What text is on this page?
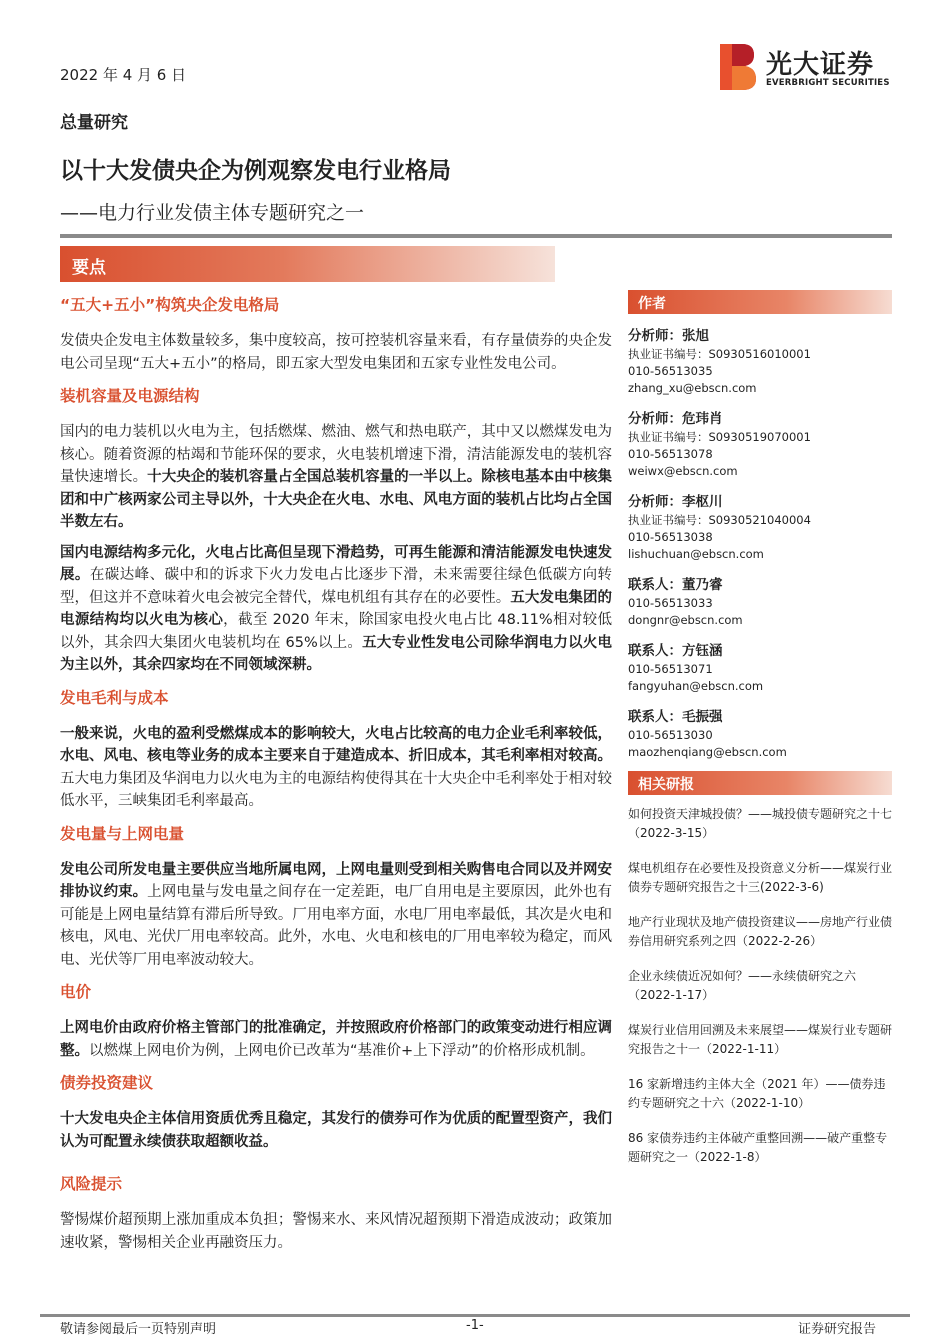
2022 年 4 月 6 日	光大证券
EVERBRIGHT SECURITIES
总量研究
以十大发债央企为例观察发电行业格局
——电力行业发债主体专题研究之一
要点
“五大+五小”构筑央企发电格局
发债央企发电主体数量较多，集中度较高，按可控装机容量来看，有存量债券的央企发电公司呈现“五大+五小”的格局，即五家大型发电集团和五家专业性发电公司。
装机容量及电源结构
国内的电力装机以火电为主，包括燃煤、燃油、燃气和热电联产，其中又以燃煤发电为核心。随着资源的枯竭和节能环保的要求，火电装机增速下滑，清洁能源发电的装机容量快速增长。十大央企的装机容量占全国总装机容量的一半以上。除核电基本由中核集团和中广核两家公司主导以外，十大央企在火电、水电、风电方面的装机占比均占全国半数左右。
国内电源结构多元化，火电占比高但呈现下滑趋势，可再生能源和清洁能源发电快速发展。在碳达峰、碳中和的诉求下火力发电占比逐步下滑，未来需要往绿色低碳方向转型，但这并不意味着火电会被完全替代，煤电机组有其存在的必要性。五大发电集团的电源结构均以火电为核心，截至 2020 年末，除国家电投火电占比 48.11%相对较低以外，其余四大集团火电装机均在 65%以上。五大专业性发电公司除华润电力以火电为主以外，其余四家均在不同领域深耕。
发电毛利与成本
一般来说，火电的盈利受燃煤成本的影响较大，火电占比较高的电力企业毛利率较低，水电、风电、核电等业务的成本主要来自于建造成本、折旧成本，其毛利率相对较高。五大电力集团及华润电力以火电为主的电源结构使得其在十大央企中毛利率处于相对较低水平，三峡集团毛利率最高。
发电量与上网电量
发电公司所发电量主要供应当地所属电网，上网电量则受到相关购售电合同以及并网安排协议约束。上网电量与发电量之间存在一定差距，电厂自用电是主要原因，此外也有可能是上网电量结算有滞后所导致。厂用电率方面，水电厂用电率最低，其次是火电和核电，风电、光伏厂用电率较高。此外，水电、火电和核电的厂用电率较为稳定，而风电、光伏等厂用电率波动较大。
电价
上网电价由政府价格主管部门的批准确定，并按照政府价格部门的政策变动进行相应调整。以燃煤上网电价为例，上网电价已改革为“基准价+上下浮动”的价格形成机制。
债券投资建议
十大发电央企主体信用资质优秀且稳定，其发行的债券可作为优质的配置型资产，我们认为可配置永续债获取超额收益。
风险提示
警惕煤价超预期上涨加重成本负担；警惕来水、来风情况超预期下滑造成波动；政策加速收紧，警惕相关企业再融资压力。
作者
分析师：张旭
执业证书编号：S0930516010001
010-56513035
zhang_xu@ebscn.com
分析师：危玮肖
执业证书编号：S0930519070001
010-56513078
weiwx@ebscn.com
分析师：李枢川
执业证书编号：S0930521040004
010-56513038
lishuchuan@ebscn.com
联系人：董乃睿
010-56513033
dongnr@ebscn.com
联系人：方钰涵
010-56513071
fangyuhan@ebscn.com
联系人：毛振强
010-56513030
maozhenqiang@ebscn.com
相关研报
如何投资天津城投债？——城投债专题研究之十七（2022-3-15）
煤电机组存在必要性及投资意义分析——煤炭行业债券专题研究报告之十三(2022-3-6)
地产行业现状及地产债投资建议——房地产行业债券信用研究系列之四（2022-2-26）
企业永续债近况如何？——永续债研究之六（2022-1-17）
煤炭行业信用回溯及未来展望——煤炭行业专题研究报告之十一（2022-1-11）
16 家新增违约主体大全（2021 年）——债券违约专题研究之十六（2022-1-10）
86 家债券违约主体破产重整回溯——破产重整专题研究之一（2022-1-8）
敬请参阅最后一页特别声明	-1-	证券研究报告
